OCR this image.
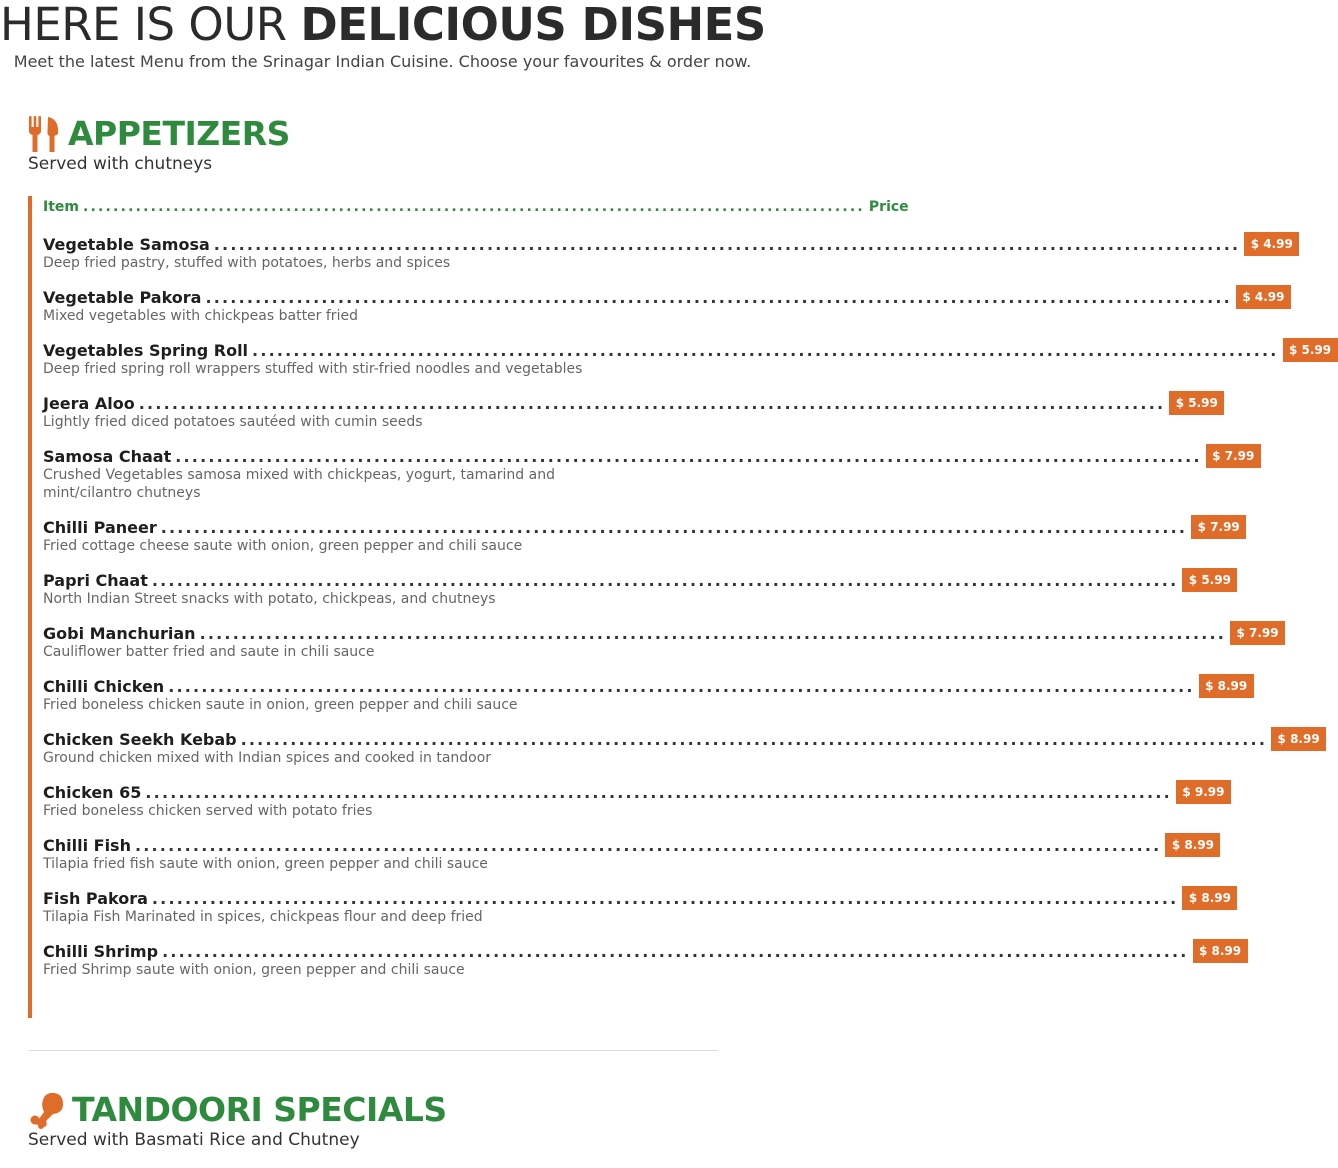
HERE IS OUR DELICIOUS DISHES

Meet the latest Menu from the Srinagar Indian Cuisine. Choose your favourites & order now.

APPETIZERS
Served with chutneys
Item ........................................................................................................ Price
Vegetable Samosa ............................................................................................................................ $ 4.99
Deep fried pastry, stuffed with potatoes, herbs and spices
Vegetable Pakora ............................................................................................................................ $ 4.99
Mixed vegetables with chickpeas batter fried
Vegetables Spring Roll ............................................................................................................................ $ 5.99
Deep fried spring roll wrappers stuffed with stir-fried noodles and vegetables
Jeera Aloo ............................................................................................................................ $ 5.99
Lightly fried diced potatoes sautéed with cumin seeds
Samosa Chaat ............................................................................................................................ $ 7.99
Crushed Vegetables samosa mixed with chickpeas, yogurt, tamarind and mint/cilantro chutneys
Chilli Paneer ............................................................................................................................ $ 7.99
Fried cottage cheese saute with onion, green pepper and chili sauce
Papri Chaat ............................................................................................................................ $ 5.99
North Indian Street snacks with potato, chickpeas, and chutneys
Gobi Manchurian ............................................................................................................................ $ 7.99
Cauliflower batter fried and saute in chili sauce
Chilli Chicken ............................................................................................................................ $ 8.99
Fried boneless chicken saute in onion, green pepper and chili sauce
Chicken Seekh Kebab ............................................................................................................................ $ 8.99
Ground chicken mixed with Indian spices and cooked in tandoor
Chicken 65 ............................................................................................................................ $ 9.99
Fried boneless chicken served with potato fries
Chilli Fish ............................................................................................................................ $ 8.99
Tilapia fried fish saute with onion, green pepper and chili sauce
Fish Pakora ............................................................................................................................ $ 8.99
Tilapia Fish Marinated in spices, chickpeas flour and deep fried
Chilli Shrimp ............................................................................................................................ $ 8.99
Fried Shrimp saute with onion, green pepper and chili sauce
TANDOORI SPECIALS
Served with Basmati Rice and Chutney
